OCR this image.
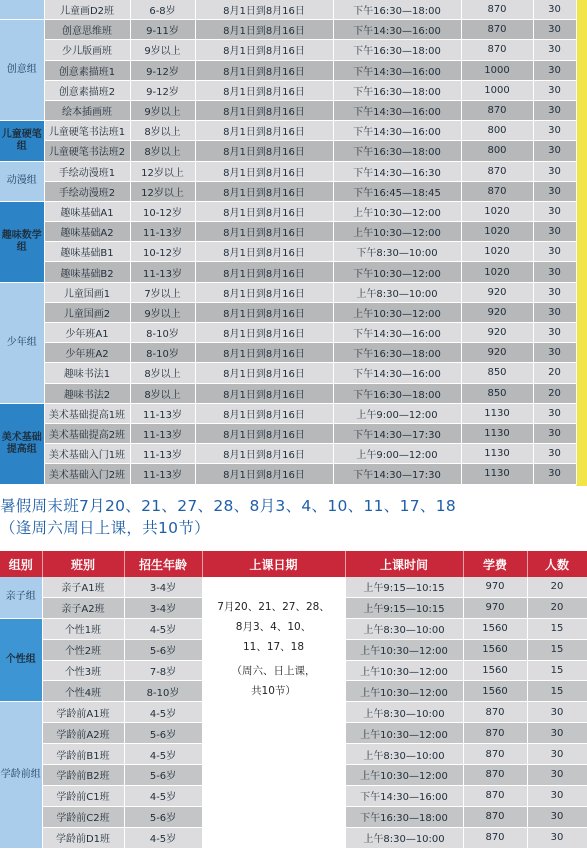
	儿童画D2班	6-8岁	8月1日到8月16日	下午16:30—18:00	870	30
创意组	创意思维班	9-11岁	8月1日到8月16日	下午14:30—16:00	870	30
	少儿版画班	9岁以上	8月1日到8月16日	下午16:30—18:00	870	30
	创意素描班1	9-12岁	8月1日到8月16日	下午14:30—16:00	1000	30
	创意素描班2	9-12岁	8月1日到8月16日	下午16:30—18:00	1000	30
	绘本插画班	9岁以上	8月1日到8月16日	下午14:30—16:00	870	30
儿童硬笔组	儿童硬笔书法班1	8岁以上	8月1日到8月16日	下午14:30—16:00	800	30
	儿童硬笔书法班2	8岁以上	8月1日到8月16日	下午16:30—18:00	800	30
动漫组	手绘动漫班1	12岁以上	8月1日到8月16日	下午14:30—16:30	870	30
	手绘动漫班2	12岁以上	8月1日到8月16日	下午16:45—18:45	870	30
趣味数学组	趣味基础A1	10-12岁	8月1日到8月16日	上午10:30—12:00	1020	30
	趣味基础A2	11-13岁	8月1日到8月16日	上午10:30—12:00	1020	30
	趣味基础B1	10-12岁	8月1日到8月16日	下午8:30—10:00	1020	30
	趣味基础B2	11-13岁	8月1日到8月16日	下午10:30—12:00	1020	30
少年组	儿童国画1	7岁以上	8月1日到8月16日	上午8:30—10:00	920	30
	儿童国画2	9岁以上	8月1日到8月16日	上午10:30—12:00	920	30
	少年班A1	8-10岁	8月1日到8月16日	下午14:30—16:00	920	30
	少年班A2	8-10岁	8月1日到8月16日	下午16:30—18:00	920	30
	趣味书法1	8岁以上	8月1日到8月16日	下午14:30—16:00	850	20
	趣味书法2	8岁以上	8月1日到8月16日	下午16:30—18:00	850	20
美术基础提高组	美术基础提高1班	11-13岁	8月1日到8月16日	上午9:00—12:00	1130	30
	美术基础提高2班	11-13岁	8月1日到8月16日	下午14:30—17:30	1130	30
	美术基础入门1班	11-13岁	8月1日到8月16日	上午9:00—12:00	1130	30
	美术基础入门2班	11-13岁	8月1日到8月16日	下午14:30—17:30	1130	30
暑假周末班7月20、21、27、28、8月3、4、10、11、17、18
（逢周六周日上课，共10节）
组别	班别	招生年龄	上课日期	上课时间	学费	人数
亲子组	亲子A1班	3-4岁	7月20、21、27、28、
8月3、4、10、
11、17、18
（周六、日上课，
共10节）	上午9:15—10:15	970	20
	亲子A2班	3-4岁		上午9:15—10:15	970	20
个性组	个性1班	4-5岁		上午8:30—10:00	1560	15
	个性2班	5-6岁		上午10:30—12:00	1560	15
	个性3班	7-8岁		上午10:30—12:00	1560	15
	个性4班	8-10岁		上午10:30—12:00	1560	15
学龄前组	学龄前A1班	4-5岁		上午8:30—10:00	870	30
	学龄前A2班	5-6岁		上午10:30—12:00	870	30
	学龄前B1班	4-5岁		上午8:30—10:00	870	30
	学龄前B2班	5-6岁		上午10:30—12:00	870	30
	学龄前C1班	4-5岁		下午14:30—16:00	870	30
	学龄前C2班	5-6岁		下午16:30—18:00	870	30
	学龄前D1班	4-5岁		上午8:30—10:00	870	30
